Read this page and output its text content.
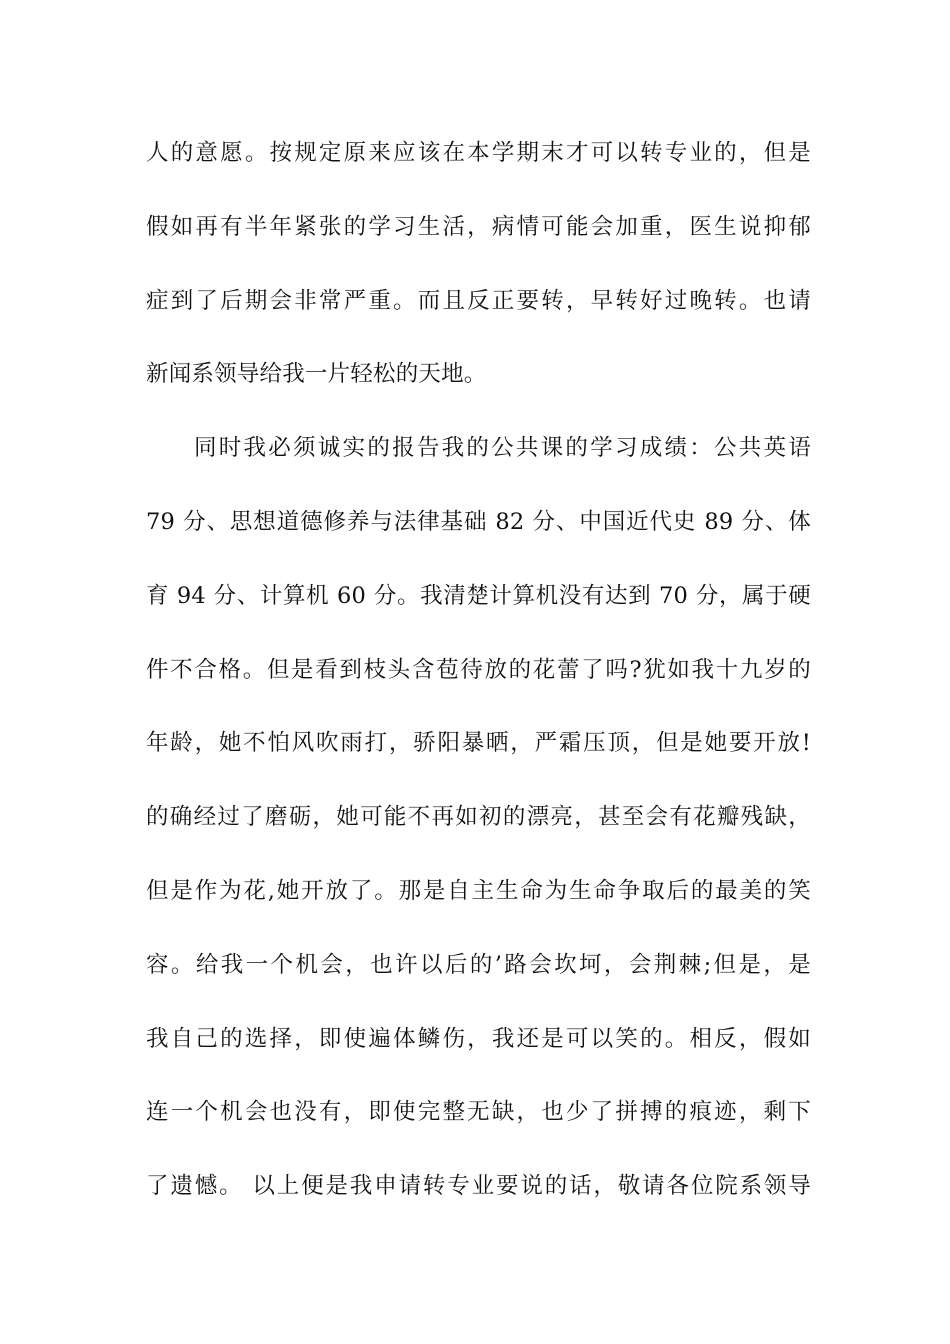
人的意愿。按规定原来应该在本学期末才可以转专业的，但是
假如再有半年紧张的学习生活，病情可能会加重，医生说抑郁
症到了后期会非常严重。而且反正要转，早转好过晚转。也请
新闻系领导给我一片轻松的天地。
同时我必须诚实的报告我的公共课的学习成绩：公共英语
79 分、思想道德修养与法律基础 82 分、中国近代史 89 分、体
育 94 分、计算机 60 分。我清楚计算机没有达到 70 分，属于硬
件不合格。但是看到枝头含苞待放的花蕾了吗?犹如我十九岁的
年龄，她不怕风吹雨打，骄阳暴晒，严霜压顶，但是她要开放!
的确经过了磨砺，她可能不再如初的漂亮，甚至会有花瓣残缺，
但是作为花,她开放了。那是自主生命为生命争取后的最美的笑
容。给我一个机会，也许以后的’路会坎坷，会荆棘;但是，是
我自己的选择，即使遍体鳞伤，我还是可以笑的。相反，假如
连一个机会也没有，即使完整无缺，也少了拼搏的痕迹，剩下
了遗憾。 以上便是我申请转专业要说的话，敬请各位院系领导
